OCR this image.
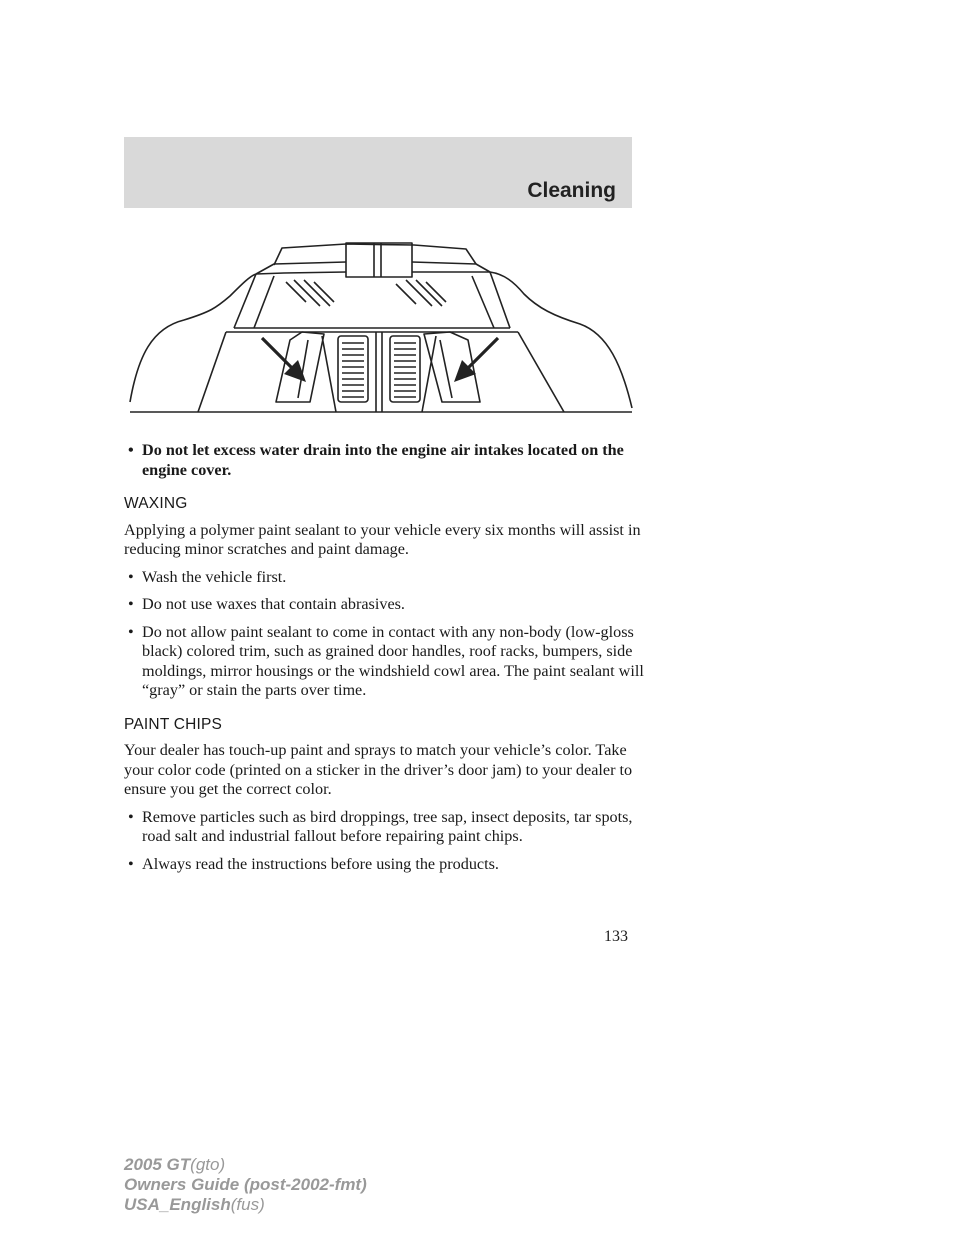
Cleaning

• Do not let excess water drain into the engine air intakes located on the engine cover.

WAXING

Applying a polymer paint sealant to your vehicle every six months will assist in reducing minor scratches and paint damage.

• Wash the vehicle first.

• Do not use waxes that contain abrasives.

• Do not allow paint sealant to come in contact with any non-body (low-gloss black) colored trim, such as grained door handles, roof racks, bumpers, side moldings, mirror housings or the windshield cowl area. The paint sealant will “gray” or stain the parts over time.

PAINT CHIPS

Your dealer has touch-up paint and sprays to match your vehicle’s color. Take your color code (printed on a sticker in the driver’s door jam) to your dealer to ensure you get the correct color.

• Remove particles such as bird droppings, tree sap, insect deposits, tar spots, road salt and industrial fallout before repairing paint chips.

• Always read the instructions before using the products.

133
2005 GT(gto)
Owners Guide (post-2002-fmt)
USA_English(fus)
